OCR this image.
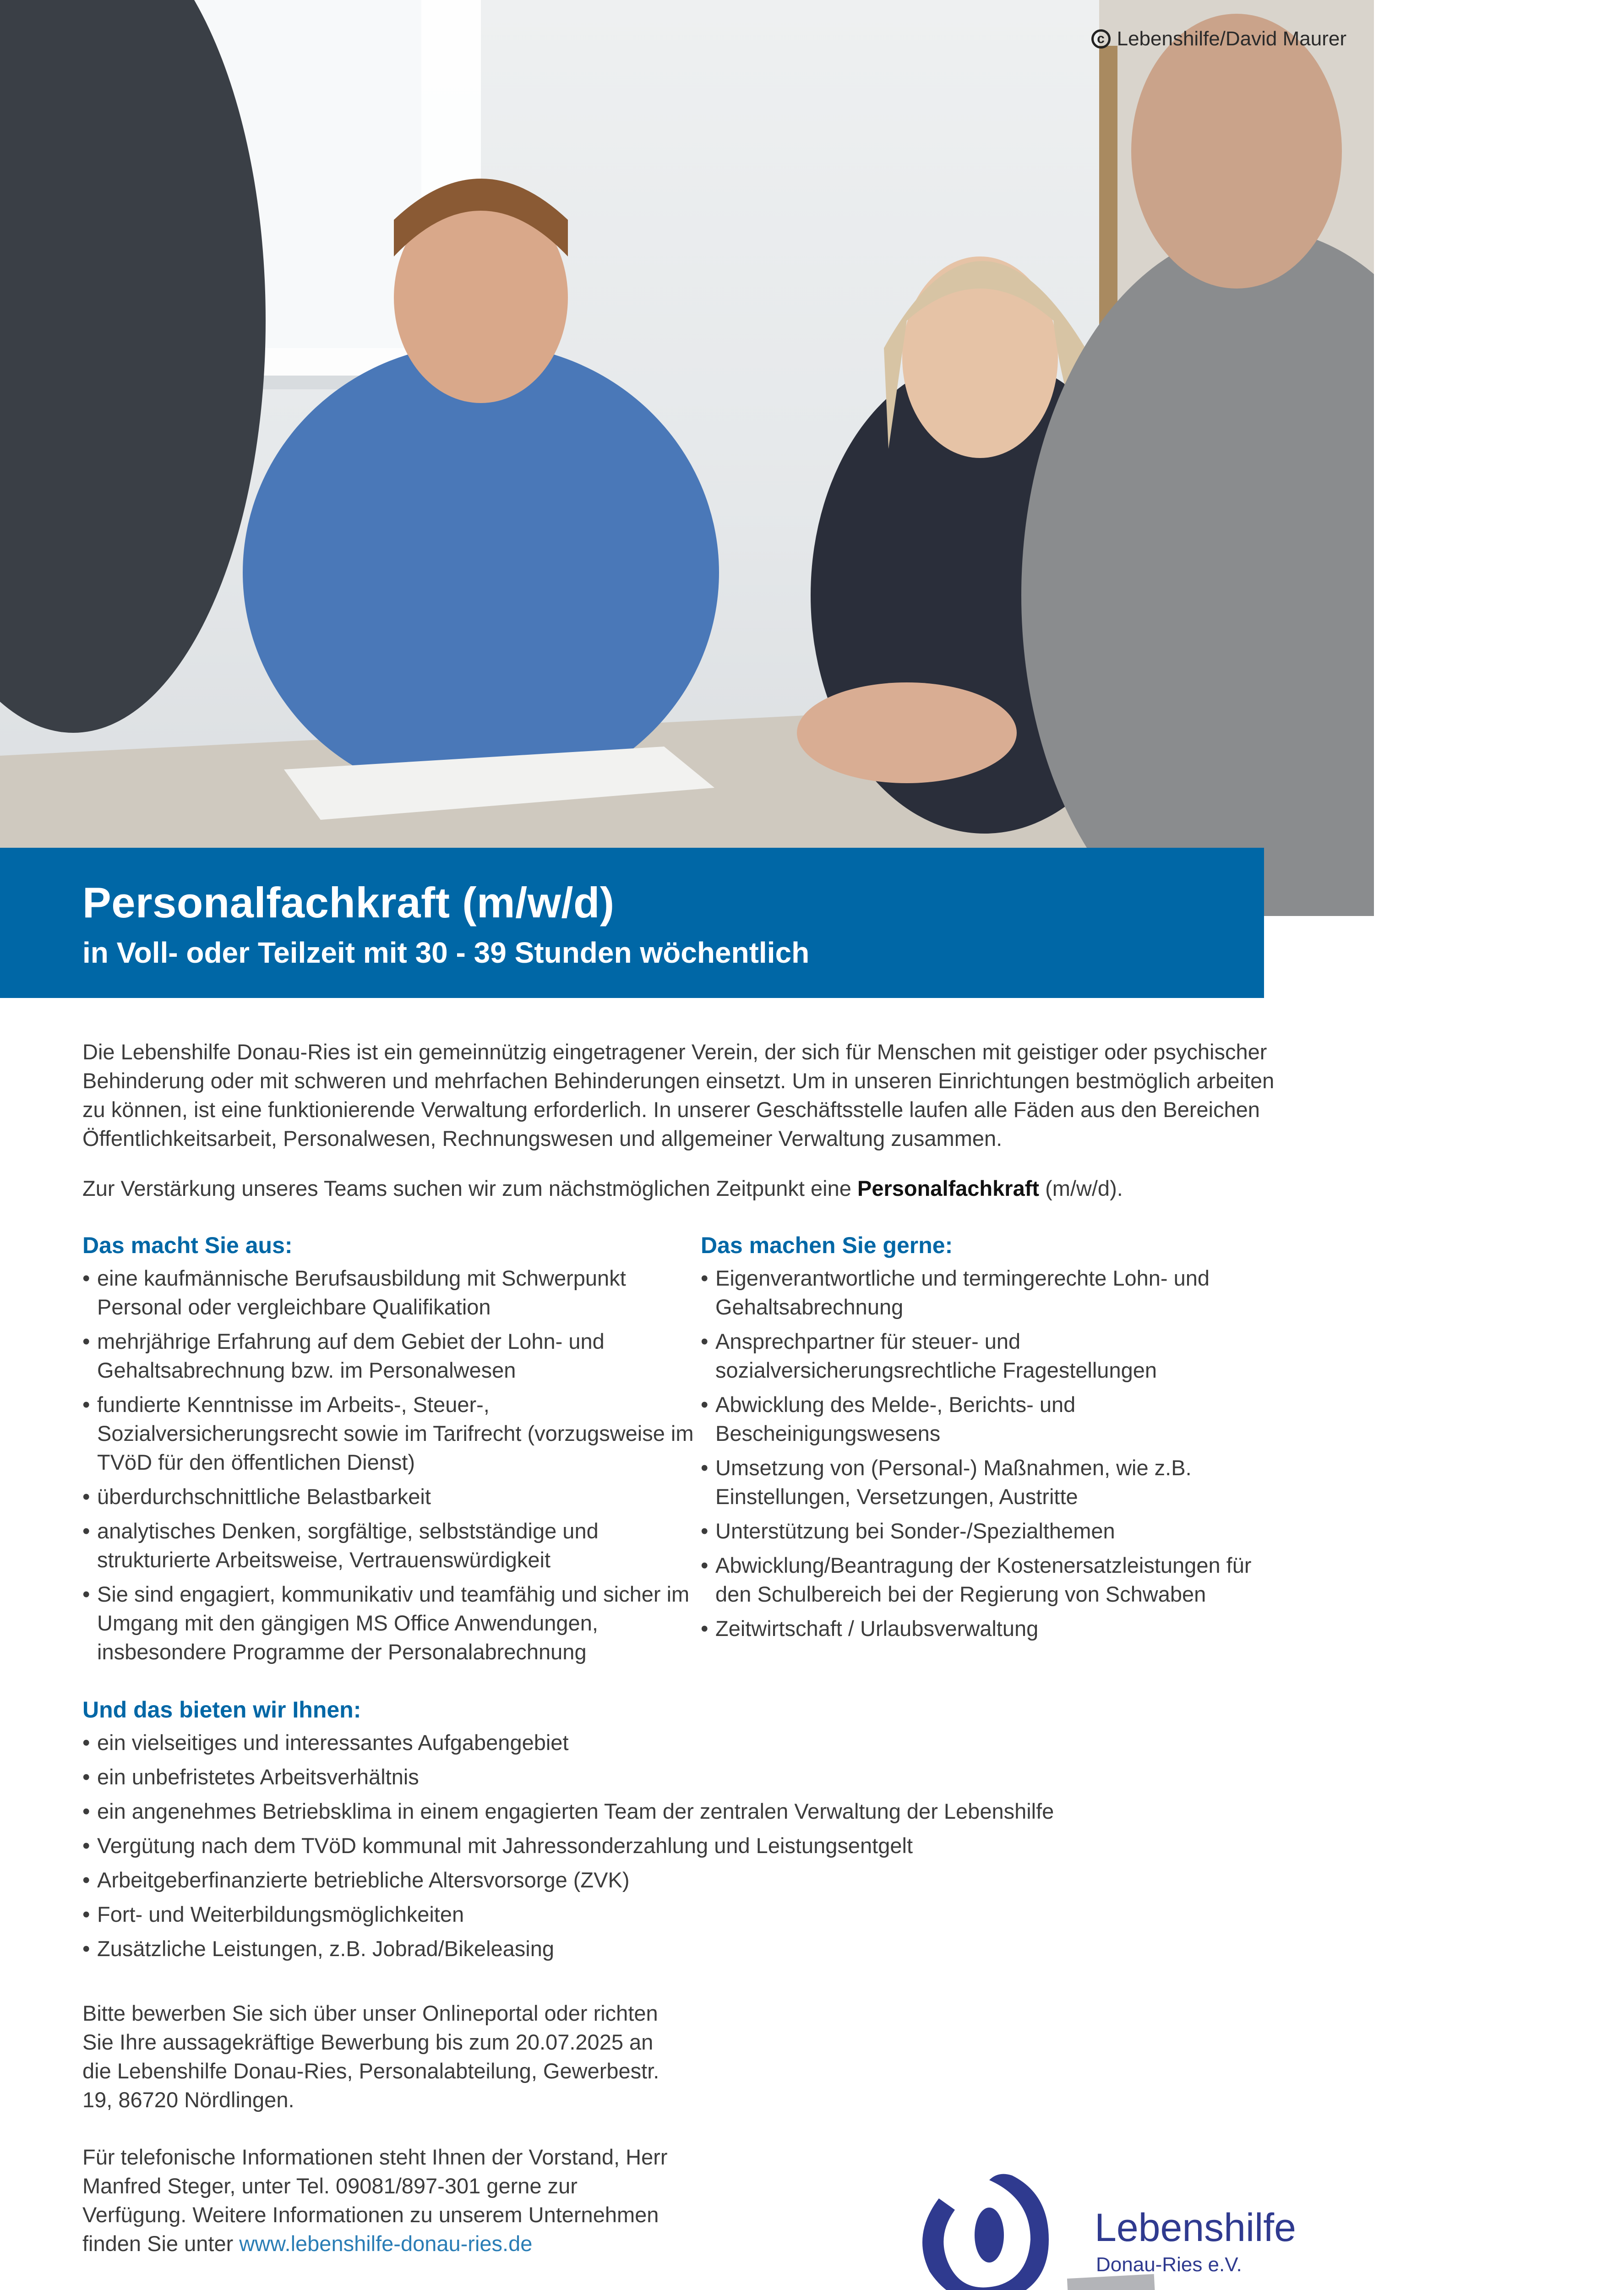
c Lebenshilfe/David Maurer
Personalfachkraft (m/w/d)
in Voll- oder Teilzeit mit 30 - 39 Stunden wöchentlich

Die Lebenshilfe Donau-Ries ist ein gemeinnützig eingetragener Verein, der sich für Menschen mit geistiger oder psychischer Behinderung oder mit schweren und mehrfachen Behinderungen einsetzt. Um in unseren Einrichtungen bestmöglich arbeiten zu können, ist eine funktionierende Verwaltung erforderlich. In unserer Geschäftsstelle laufen alle Fäden aus den Bereichen Öffentlichkeitsarbeit, Personalwesen, Rechnungswesen und allgemeiner Verwaltung zusammen.

Zur Verstärkung unseres Teams suchen wir zum nächstmöglichen Zeitpunkt eine Personalfachkraft (m/w/d).

Das macht Sie aus:
• eine kaufmännische Berufsausbildung mit Schwerpunkt Personal oder vergleichbare Qualifikation
• mehrjährige Erfahrung auf dem Gebiet der Lohn- und Gehaltsabrechnung bzw. im Personalwesen
• fundierte Kenntnisse im Arbeits-, Steuer-, Sozialversicherungsrecht sowie im Tarifrecht (vorzugsweise im TVöD für den öffentlichen Dienst)
• überdurchschnittliche Belastbarkeit
• analytisches Denken, sorgfältige, selbstständige und strukturierte Arbeitsweise, Vertrauenswürdigkeit
• Sie sind engagiert, kommunikativ und teamfähig und sicher im Umgang mit den gängigen MS Office Anwendungen, insbesondere Programme der Personalabrechnung
Das machen Sie gerne:
• Eigenverantwortliche und termingerechte Lohn- und Gehaltsabrechnung
• Ansprechpartner für steuer- und sozialversicherungsrechtliche Fragestellungen
• Abwicklung des Melde-, Berichts- und Bescheinigungswesens
• Umsetzung von (Personal-) Maßnahmen, wie z.B. Einstellungen, Versetzungen, Austritte
• Unterstützung bei Sonder-/Spezialthemen
• Abwicklung/Beantragung der Kostenersatzleistungen für den Schulbereich bei der Regierung von Schwaben
• Zeitwirtschaft / Urlaubsverwaltung
Und das bieten wir Ihnen:
• ein vielseitiges und interessantes Aufgabengebiet
• ein unbefristetes Arbeitsverhältnis
• ein angenehmes Betriebsklima in einem engagierten Team der zentralen Verwaltung der Lebenshilfe
• Vergütung nach dem TVöD kommunal mit Jahressonderzahlung und Leistungsentgelt
• Arbeitgeberfinanzierte betriebliche Altersvorsorge (ZVK)
• Fort- und Weiterbildungsmöglichkeiten
• Zusätzliche Leistungen, z.B. Jobrad/Bikeleasing

Bitte bewerben Sie sich über unser Onlineportal oder richten Sie Ihre aussagekräftige Bewerbung bis zum 20.07.2025 an die Lebenshilfe Donau-Ries, Personalabteilung, Gewerbestr. 19, 86720 Nördlingen.

Für telefonische Informationen steht Ihnen der Vorstand, Herr Manfred Steger, unter Tel. 09081/897-301 gerne zur Verfügung. Weitere Informationen zu unserem Unternehmen finden Sie unter www.lebenshilfe-donau-ries.de	Lebenshilfe
Donau-Ries e.V.
